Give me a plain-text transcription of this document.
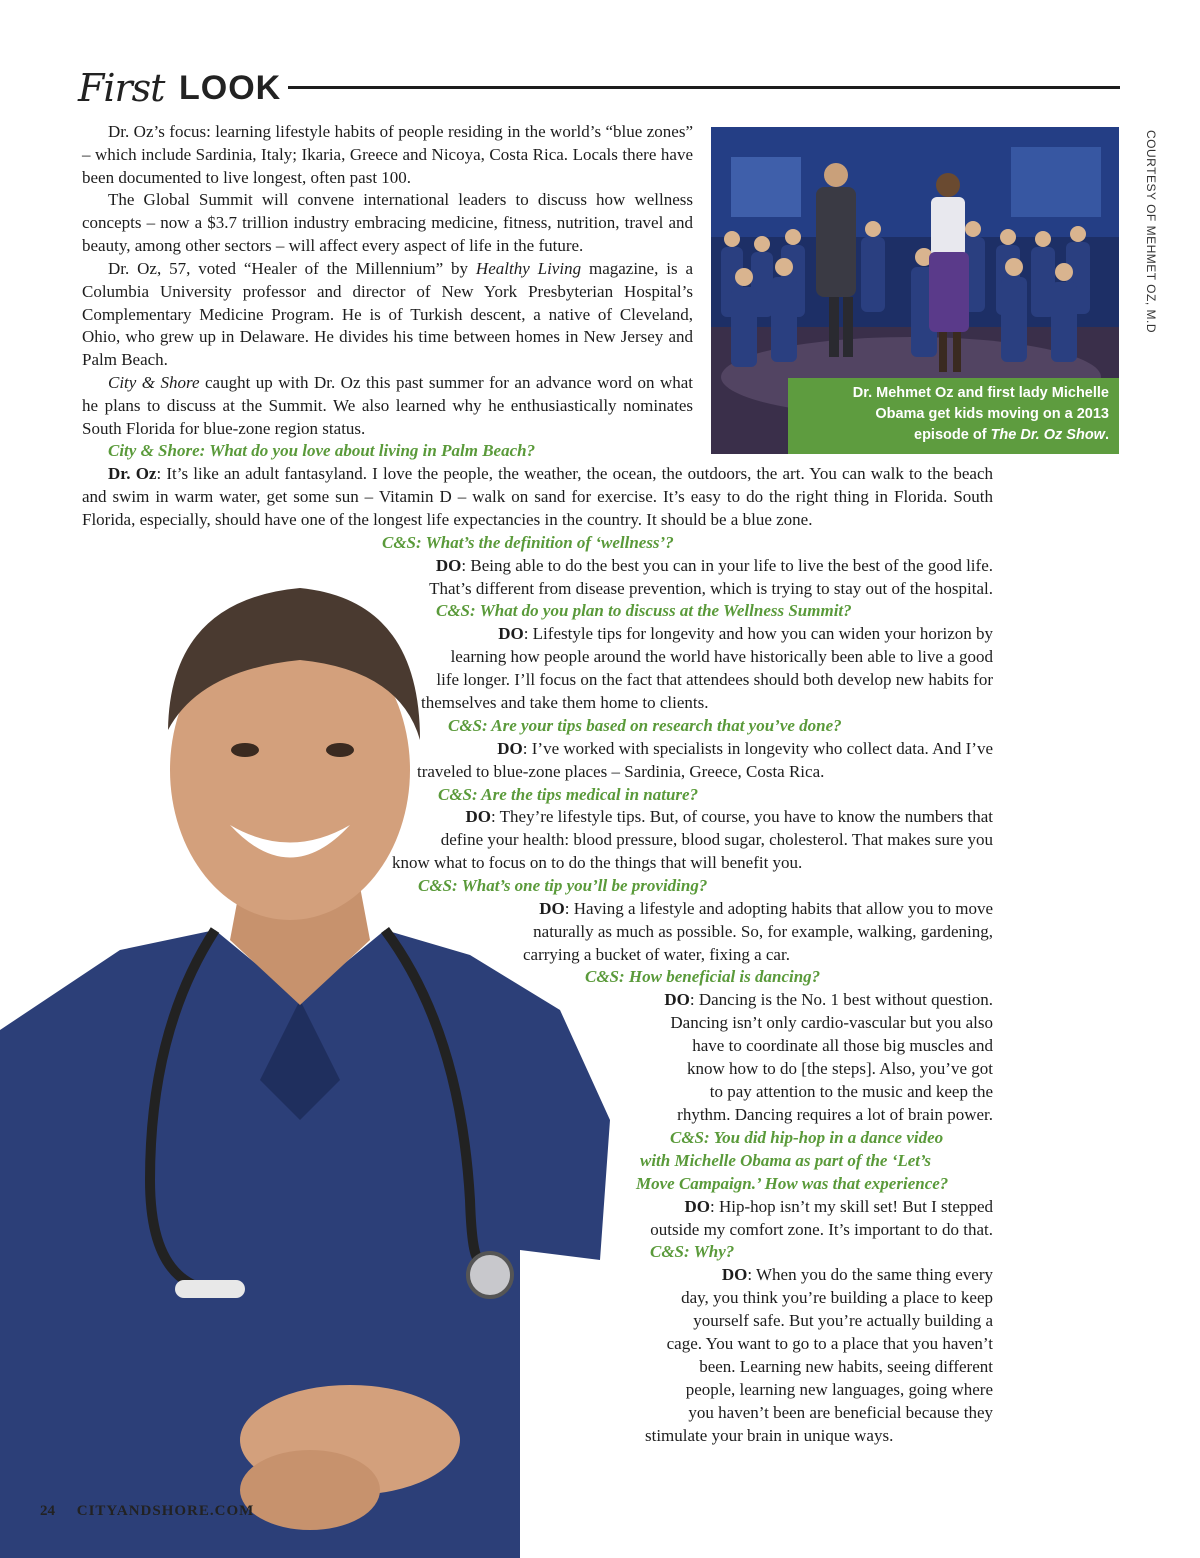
First LOOK
Dr. Mehmet Oz and first lady Michelle
Obama get kids moving on a 2013
episode of The Dr. Oz Show.
COURTESY OF MEHMET OZ, M.D
Dr. Oz’s focus: learning lifestyle habits of people residing in the world’s “blue zones” – which include Sardinia, Italy; Ikaria, Greece and Nicoya, Costa Rica. Locals there have been documented to live longest, often past 100.
The Global Summit will convene international leaders to discuss how wellness concepts – now a $3.7 trillion industry embracing medicine, fitness, nutrition, travel and beauty, among other sectors – will affect every aspect of life in the future.
Dr. Oz, 57, voted “Healer of the Millennium” by Healthy Living magazine, is a Columbia University professor and director of New York Presbyterian Hospital’s Complementary Medicine Program. He is of Turkish descent, a native of Cleveland, Ohio, who grew up in Delaware. He divides his time between homes in New Jersey and Palm Beach.
City & Shore caught up with Dr. Oz this past summer for an advance word on what he plans to discuss at the Summit. We also learned why he enthusiastically nominates South Florida for blue-zone region status.
City & Shore: What do you love about living in Palm Beach?
Dr. Oz: It’s like an adult fantasyland. I love the people, the weather, the ocean, the outdoors, the art. You can walk to the beach and swim in warm water, get some sun – Vitamin D – walk on sand for exercise. It’s easy to do the right thing in Florida. South Florida, especially, should have one of the longest life expectancies in the country. It should be a blue zone.
C&S: What’s the definition of ‘wellness’?
DO: Being able to do the best you can in your life to live the best of the good life.
That’s different from disease prevention, which is trying to stay out of the hospital.
C&S: What do you plan to discuss at the Wellness Summit?
DO: Lifestyle tips for longevity and how you can widen your horizon by
learning how people around the world have historically been able to live a good
life longer. I’ll focus on the fact that attendees should both develop new habits for
themselves and take them home to clients.
C&S: Are your tips based on research that you’ve done?
DO: I’ve worked with specialists in longevity who collect data. And I’ve
traveled to blue-zone places – Sardinia, Greece, Costa Rica.
C&S: Are the tips medical in nature?
DO: They’re lifestyle tips. But, of course, you have to know the numbers that
define your health: blood pressure, blood sugar, cholesterol. That makes sure you
know what to focus on to do the things that will benefit you.
C&S: What’s one tip you’ll be providing?
DO: Having a lifestyle and adopting habits that allow you to move
naturally as much as possible. So, for example, walking, gardening,
carrying a bucket of water, fixing a car.
C&S: How beneficial is dancing?
DO: Dancing is the No. 1 best without question.
Dancing isn’t only cardio-vascular but you also
have to coordinate all those big muscles and
know how to do [the steps]. Also, you’ve got
to pay attention to the music and keep the
rhythm. Dancing requires a lot of brain power.
C&S: You did hip-hop in a dance video
with Michelle Obama as part of the ‘Let’s
Move Campaign.’ How was that experience?
DO: Hip-hop isn’t my skill set! But I stepped
outside my comfort zone. It’s important to do that.
C&S: Why?
DO: When you do the same thing every
day, you think you’re building a place to keep
yourself safe. But you’re actually building a
cage. You want to go to a place that you haven’t
been. Learning new habits, seeing different
people, learning new languages, going where
you haven’t been are beneficial because they
stimulate your brain in unique ways.
24 CITYANDSHORE.COM
